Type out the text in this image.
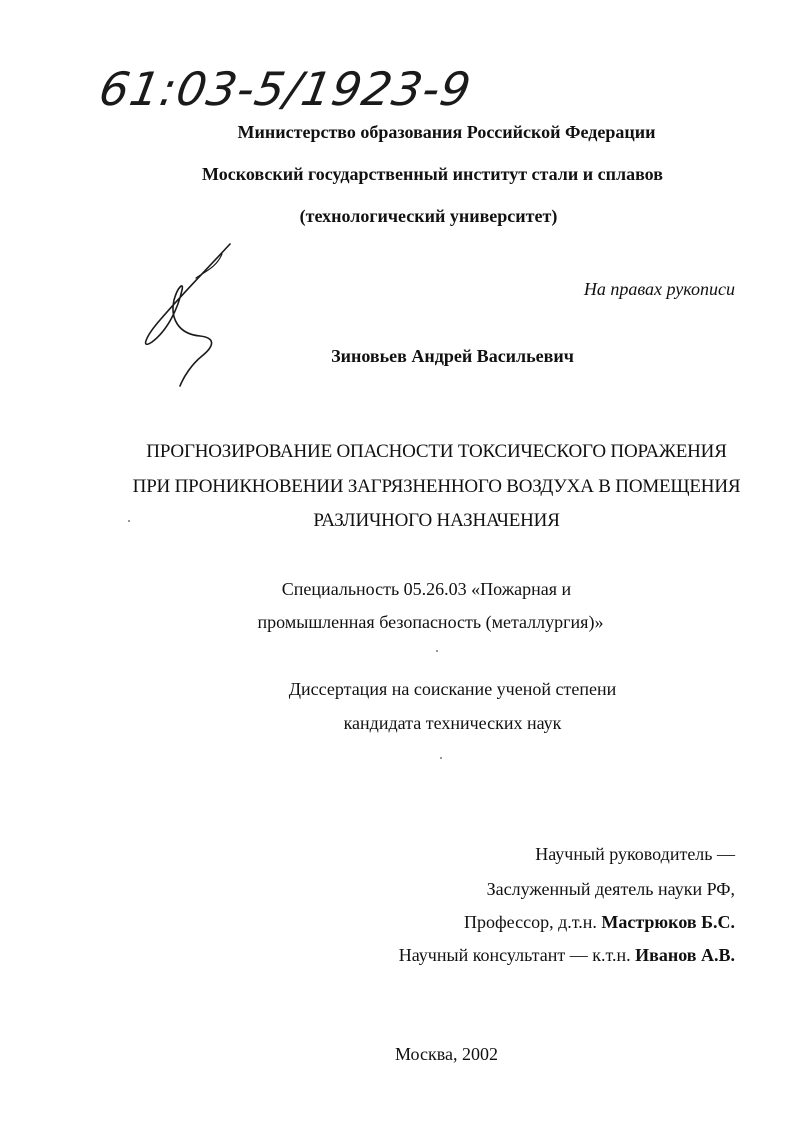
61:03-5/1923-9
Министерство образования Российской Федерации
Московский государственный институт стали и сплавов
(технологический университет)
На правах рукописи
Зиновьев Андрей Васильевич
ПРОГНОЗИРОВАНИЕ ОПАСНОСТИ ТОКСИЧЕСКОГО ПОРАЖЕНИЯ
ПРИ ПРОНИКНОВЕНИИ ЗАГРЯЗНЕННОГО ВОЗДУХА В ПОМЕЩЕНИЯ
РАЗЛИЧНОГО НАЗНАЧЕНИЯ
Специальность 05.26.03 «Пожарная и
промышленная безопасность (металлургия)»
Диссертация на соискание ученой степени
кандидата технических наук
Научный руководитель —
Заслуженный деятель науки РФ,
Профессор, д.т.н. Мастрюков Б.С.
Научный консультант — к.т.н. Иванов А.В.
Москва, 2002
